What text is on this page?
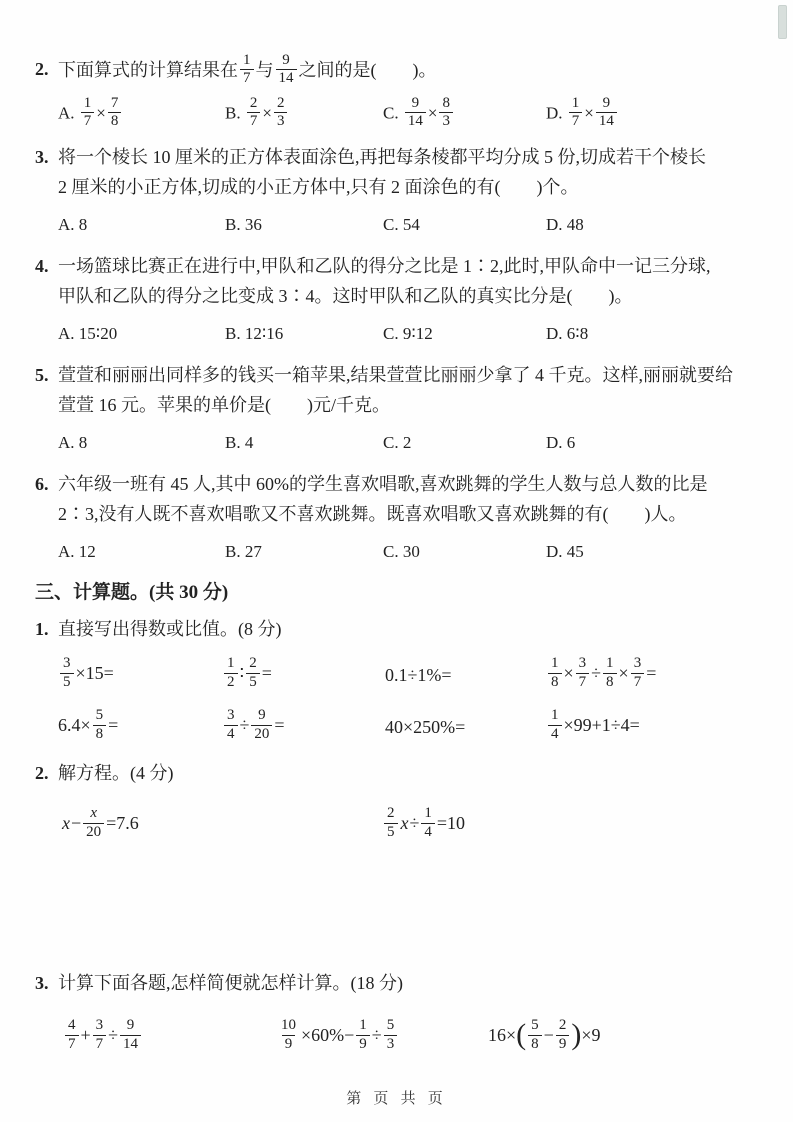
2. 下面算式的计算结果在 $\frac{1}{7}$ 与 $\frac{9}{14}$ 之间的是(　　)。
A. $\frac{1}{7} \times \frac{7}{8}$	B. $\frac{2}{7} \times \frac{2}{3}$	C. $\frac{9}{14} \times \frac{8}{3}$	D. $\frac{1}{7} \times \frac{9}{14}$
3. 将一个棱长 10 厘米的正方体表面涂色,再把每条棱都平均分成 5 份,切成若干个棱长
2 厘米的小正方体,切成的小正方体中,只有 2 面涂色的有(　　)个。
A. 8	B. 36	C. 54	D. 48
4. 一场篮球比赛正在进行中,甲队和乙队的得分之比是 1∶2,此时,甲队命中一记三分球,
甲队和乙队的得分之比变成 3∶4。这时甲队和乙队的真实比分是(　　)。
A. 15∶20	B. 12∶16	C. 9∶12	D. 6∶8
5. 萱萱和丽丽出同样多的钱买一箱苹果,结果萱萱比丽丽少拿了 4 千克。这样,丽丽就要给
萱萱 16 元。苹果的单价是(　　)元/千克。
A. 8	B. 4	C. 2	D. 6
6. 六年级一班有 45 人,其中 60%的学生喜欢唱歌,喜欢跳舞的学生人数与总人数的比是
2∶3,没有人既不喜欢唱歌又不喜欢跳舞。既喜欢唱歌又喜欢跳舞的有(　　)人。
A. 12	B. 27	C. 30	D. 45
三、计算题。(共 30 分)
1. 直接写出得数或比值。(8 分)
$\frac{3}{5} \times 15=$	$\frac{1}{2}$ ∶ $\frac{2}{5}$ =	0.1÷1%=	$\frac{1}{8} \times \frac{3}{7} \div \frac{1}{8} \times \frac{3}{7}$ =
$6.4\times \frac{5}{8}$ =	$\frac{3}{4} \div \frac{9}{20}$ =	40×250%=	$\frac{1}{4} \times 99+1\div 4=$
2. 解方程。(4 分)
$x- \frac{x}{20} =7.6$	$\frac{2}{5} x\div \frac{1}{4} =10$
3. 计算下面各题,怎样简便就怎样计算。(18 分)
$\frac{4}{7} + \frac{3}{7} \div \frac{9}{14}$	$\frac{10}{9} \times 60\%- \frac{1}{9} \div \frac{5}{3}$	$16\times( \frac{5}{8} - \frac{2}{9} )\times 9$
第 页 共 页
